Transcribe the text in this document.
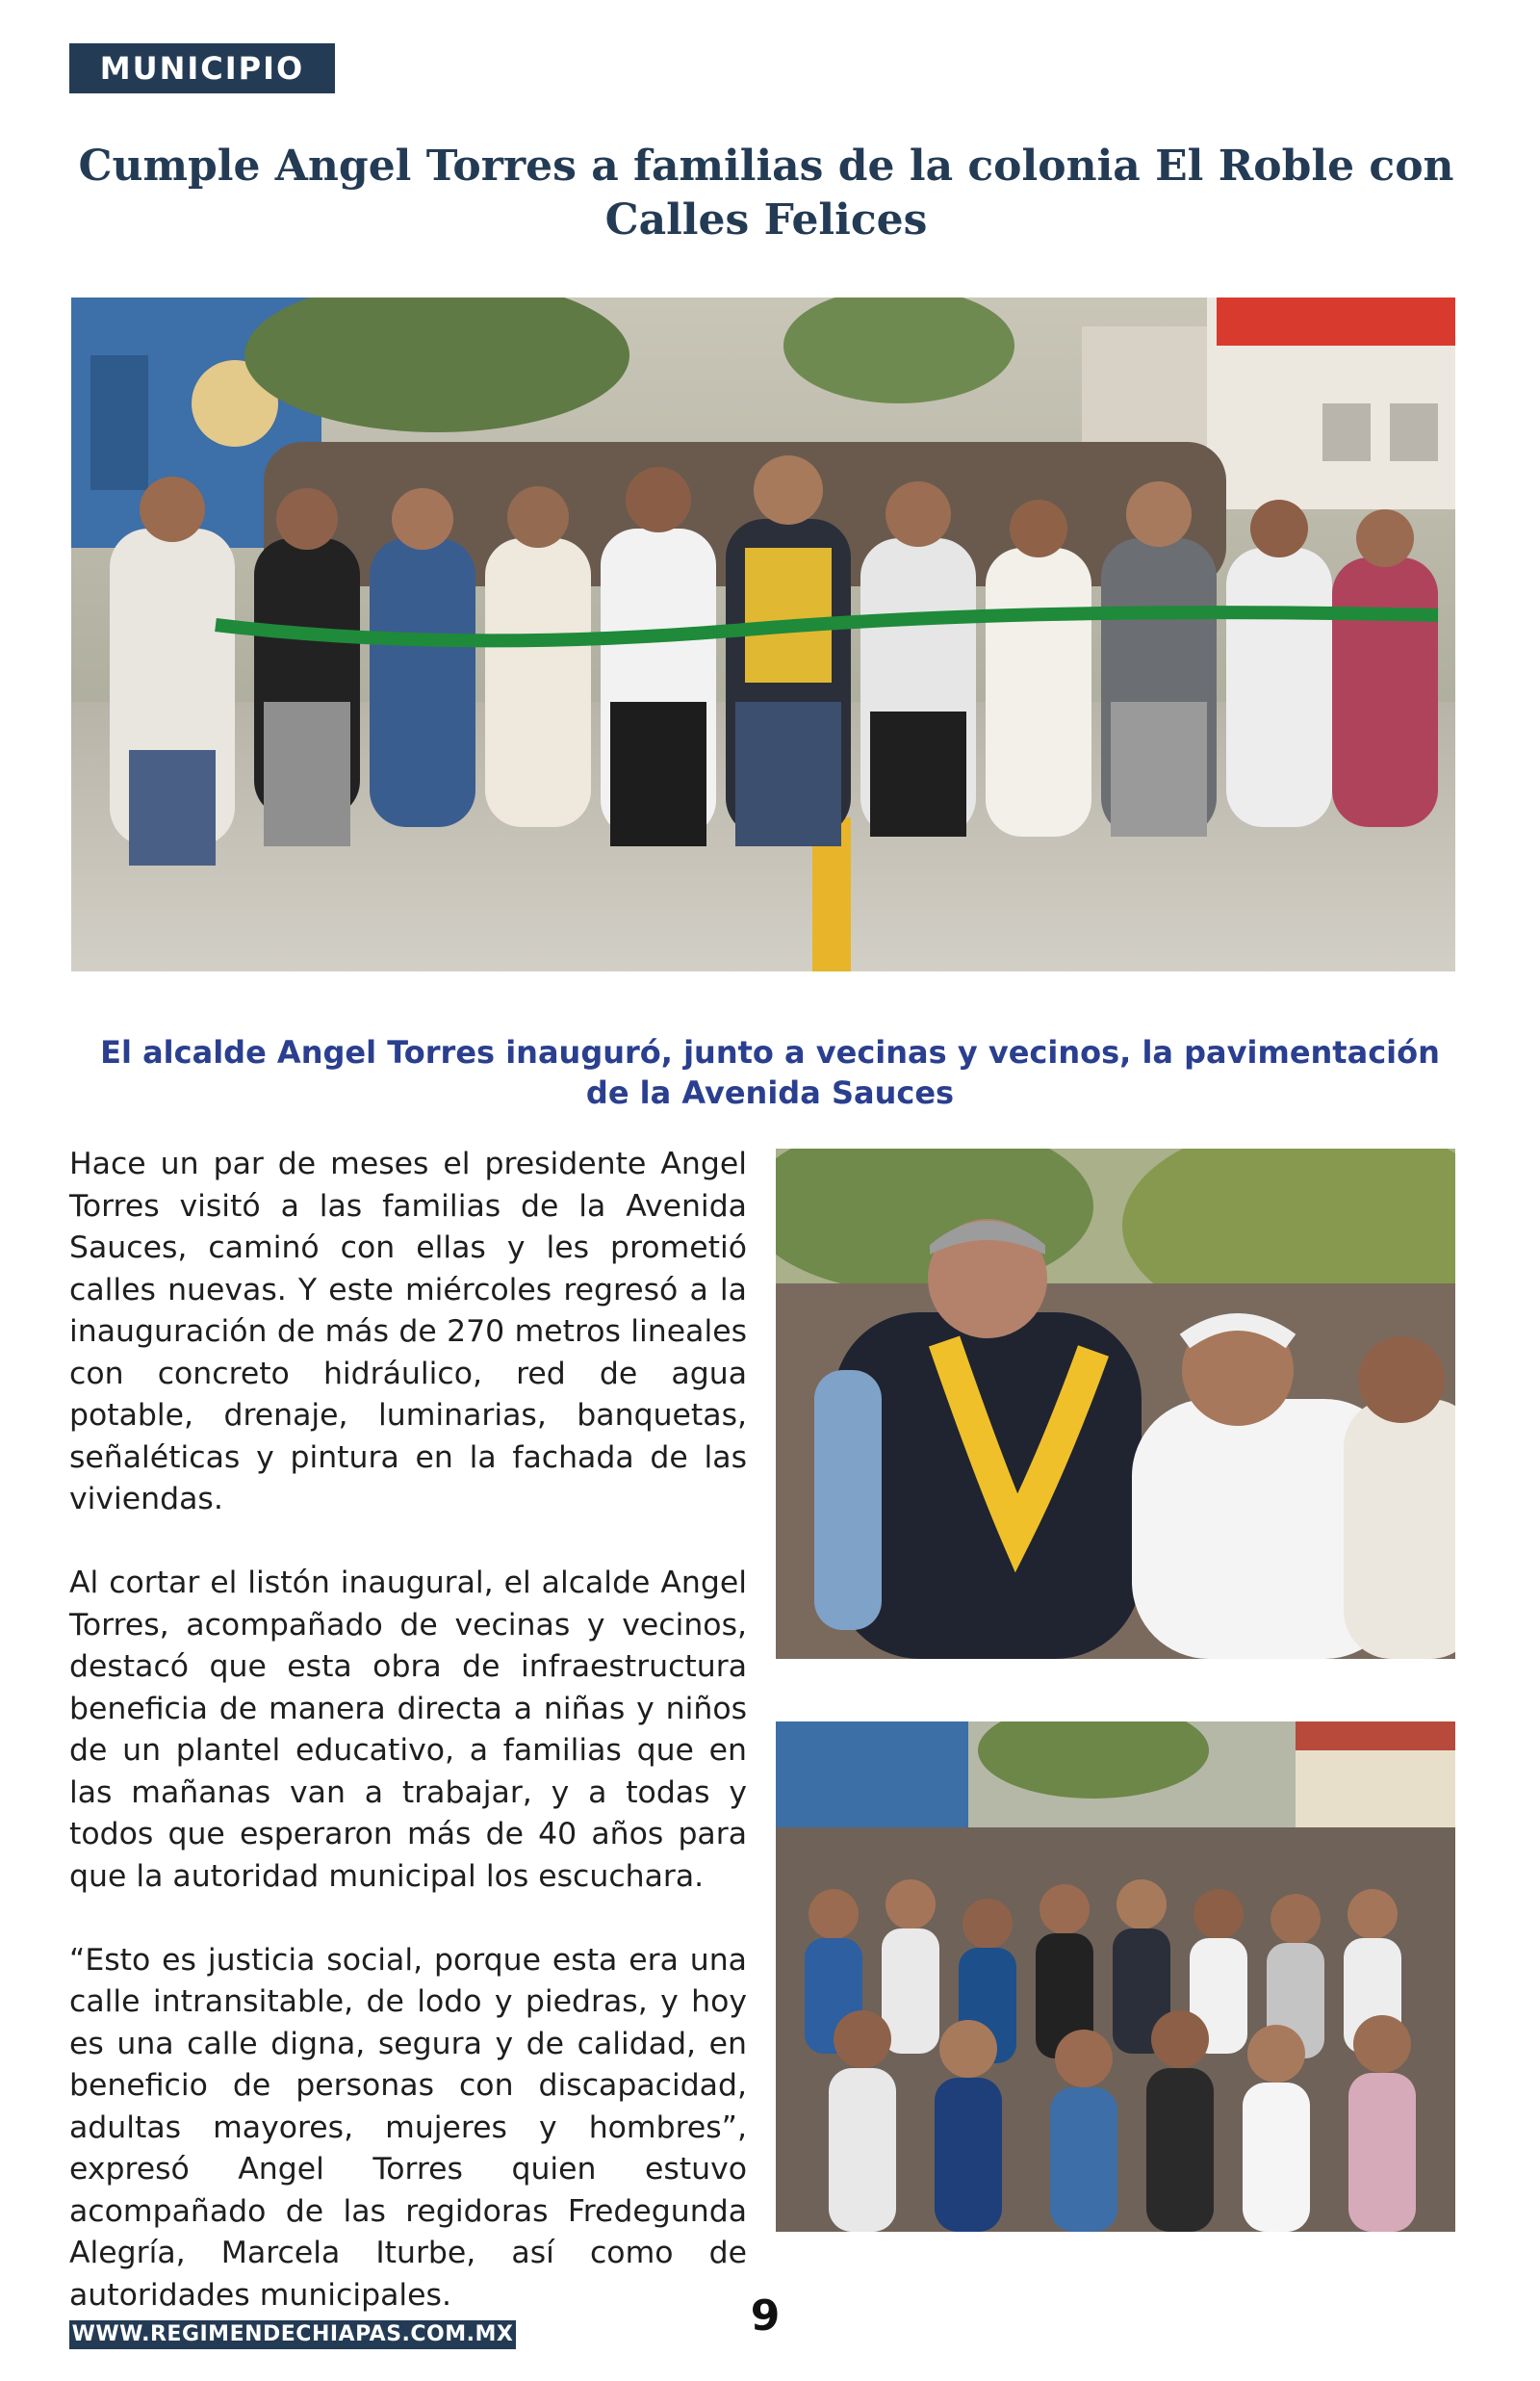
MUNICIPIO
Cumple Angel Torres a familias de la colonia El Roble con Calles Felices
El alcalde Angel Torres inauguró, junto a vecinas y vecinos, la pavimentación de la Avenida Sauces

Hace un par de meses el presidente Angel Torres visitó a las familias de la Avenida Sauces, caminó con ellas y les prometió calles nuevas. Y este miércoles regresó a la inauguración de más de 270 metros lineales con concreto hidráulico, red de agua potable, drenaje, luminarias, banquetas, señaléticas y pintura en la fachada de las viviendas.

Al cortar el listón inaugural, el alcalde Angel Torres, acompañado de vecinas y vecinos, destacó que esta obra de infraestructura beneficia de manera directa a niñas y niños de un plantel educativo, a familias que en las mañanas van a trabajar, y a todas y todos que esperaron más de 40 años para que la autoridad municipal los escuchara.

“Esto es justicia social, porque esta era una calle intransitable, de lodo y piedras, y hoy es una calle digna, segura y de calidad, en beneficio de personas con discapacidad, adultas mayores, mujeres y hombres”, expresó Angel Torres quien estuvo acompañado de las regidoras Fredegunda Alegría, Marcela Iturbe, así como de autoridades municipales.

WWW.REGIMENDECHIAPAS.COM.MX	9
